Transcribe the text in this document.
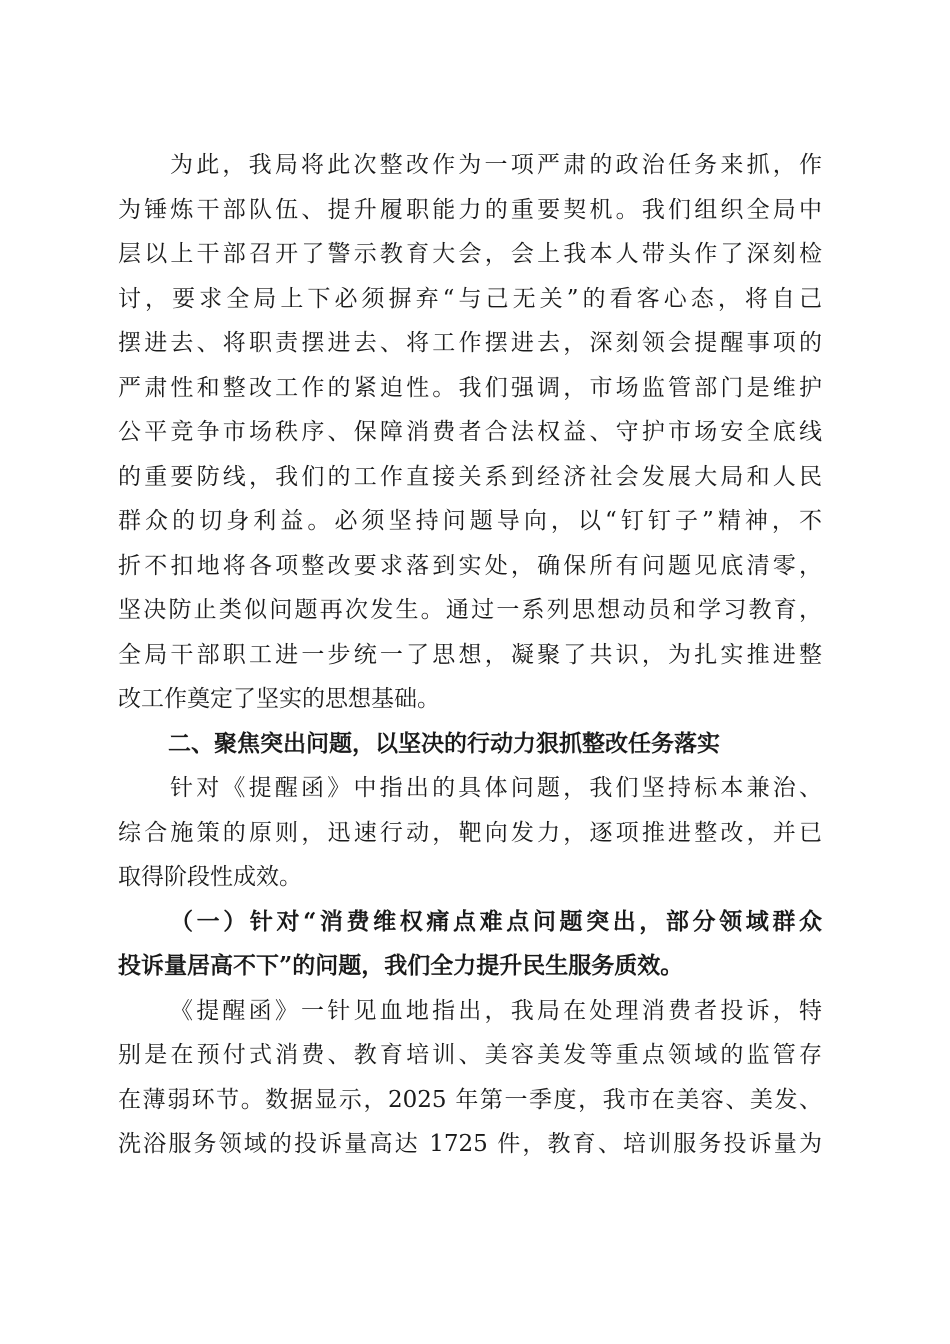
为此，我局将此次整改作为一项严肃的政治任务来抓，作
为锤炼干部队伍、提升履职能力的重要契机。我们组织全局中
层以上干部召开了警示教育大会，会上我本人带头作了深刻检
讨，要求全局上下必须摒弃“与己无关”的看客心态，将自己
摆进去、将职责摆进去、将工作摆进去，深刻领会提醒事项的
严肃性和整改工作的紧迫性。我们强调，市场监管部门是维护
公平竞争市场秩序、保障消费者合法权益、守护市场安全底线
的重要防线，我们的工作直接关系到经济社会发展大局和人民
群众的切身利益。必须坚持问题导向，以“钉钉子”精神，不
折不扣地将各项整改要求落到实处，确保所有问题见底清零，
坚决防止类似问题再次发生。通过一系列思想动员和学习教育，
全局干部职工进一步统一了思想，凝聚了共识，为扎实推进整
改工作奠定了坚实的思想基础。
二、聚焦突出问题，以坚决的行动力狠抓整改任务落实
针对《提醒函》中指出的具体问题，我们坚持标本兼治、
综合施策的原则，迅速行动，靶向发力，逐项推进整改，并已
取得阶段性成效。
（一）针对“消费维权痛点难点问题突出，部分领域群众
投诉量居高不下”的问题，我们全力提升民生服务质效。
《提醒函》一针见血地指出，我局在处理消费者投诉，特
别是在预付式消费、教育培训、美容美发等重点领域的监管存
在薄弱环节。数据显示，2025 年第一季度，我市在美容、美发、
洗浴服务领域的投诉量高达 1725 件，教育、培训服务投诉量为
